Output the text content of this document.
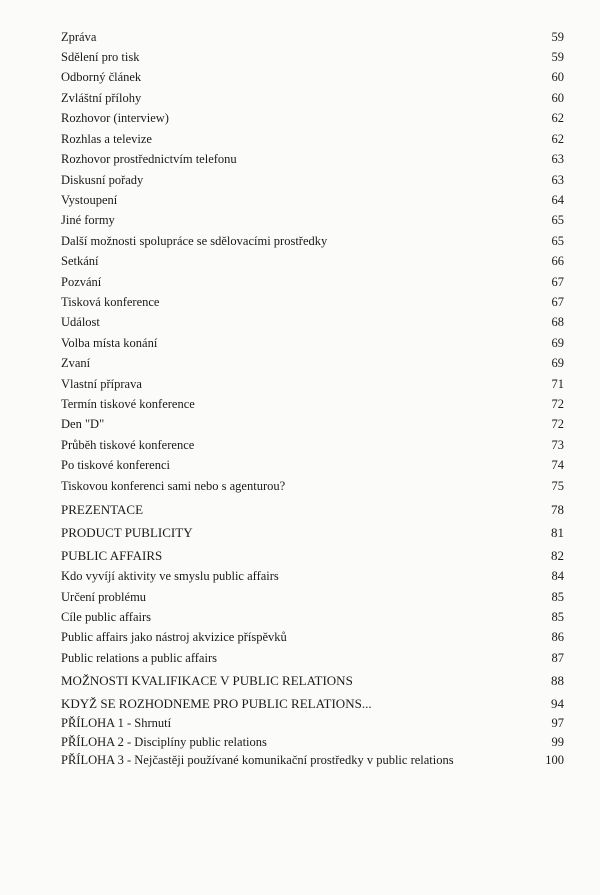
Zpráva	59
Sdělení pro tisk	59
Odborný článek	60
Zvláštní přílohy	60
Rozhovor (interview)	62
Rozhlas a televize	62
Rozhovor prostřednictvím telefonu	63
Diskusní pořady	63
Vystoupení	64
Jiné formy	65
Další možnosti spolupráce se sdělovacími prostředky	65
Setkání	66
Pozvání	67
Tisková konference	67
Událost	68
Volba místa konání	69
Zvaní	69
Vlastní příprava	71
Termín tiskové konference	72
Den "D"	72
Průběh tiskové konference	73
Po tiskové konferenci	74
Tiskovou konferenci sami nebo s agenturou?	75
PREZENTACE	78
PRODUCT PUBLICITY	81
PUBLIC AFFAIRS	82
Kdo vyvíjí aktivity ve smyslu public affairs	84
Určení problému	85
Cíle public affairs	85
Public affairs jako nástroj akvizice příspěvků	86
Public relations a public affairs	87
MOŽNOSTI KVALIFIKACE V PUBLIC RELATIONS	88
KDYŽ SE ROZHODNEME PRO PUBLIC RELATIONS...	94
PŘÍLOHA 1 - Shrnutí	97
PŘÍLOHA 2 - Disciplíny public relations	99
PŘÍLOHA 3 - Nejčastěji používané komunikační prostředky v public relations	100
